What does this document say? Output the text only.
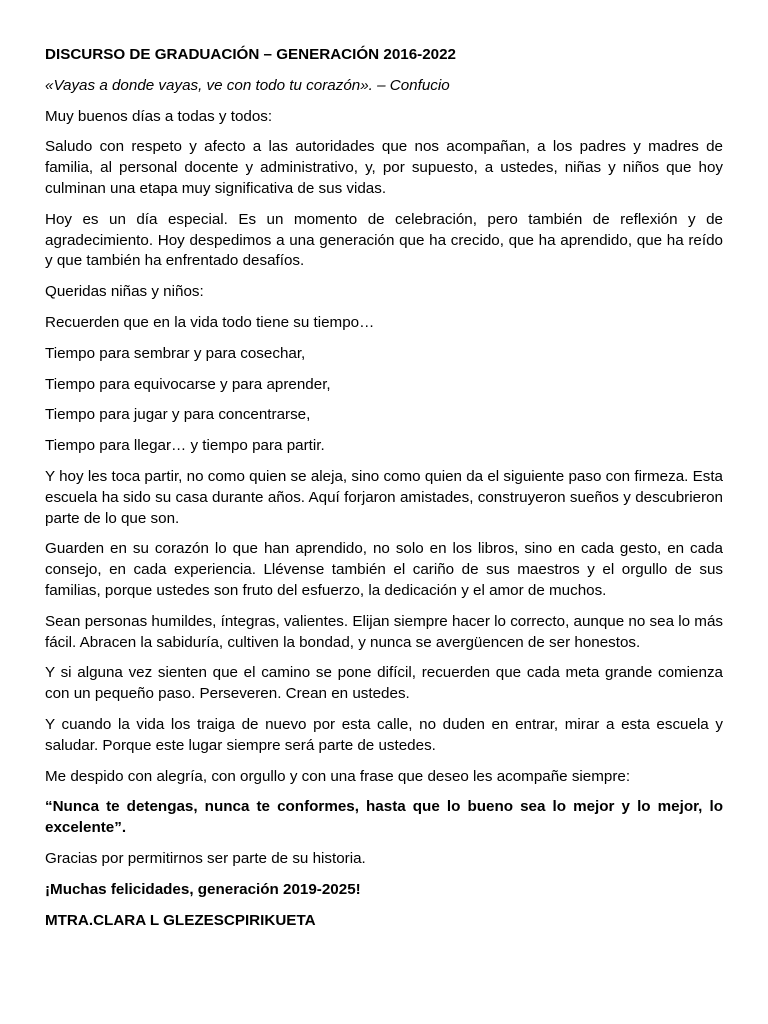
DISCURSO DE GRADUACIÓN – GENERACIÓN 2016-2022

«Vayas a donde vayas, ve con todo tu corazón». – Confucio

Muy buenos días a todas y todos:

Saludo con respeto y afecto a las autoridades que nos acompañan, a los padres y madres de familia, al personal docente y administrativo, y, por supuesto, a ustedes, niñas y niños que hoy culminan una etapa muy significativa de sus vidas.

Hoy es un día especial. Es un momento de celebración, pero también de reflexión y de agradecimiento. Hoy despedimos a una generación que ha crecido, que ha aprendido, que ha reído y que también ha enfrentado desafíos.

Queridas niñas y niños:

Recuerden que en la vida todo tiene su tiempo…

Tiempo para sembrar y para cosechar,

Tiempo para equivocarse y para aprender,

Tiempo para jugar y para concentrarse,

Tiempo para llegar… y tiempo para partir.

Y hoy les toca partir, no como quien se aleja, sino como quien da el siguiente paso con firmeza. Esta escuela ha sido su casa durante años. Aquí forjaron amistades, construyeron sueños y descubrieron parte de lo que son.

Guarden en su corazón lo que han aprendido, no solo en los libros, sino en cada gesto, en cada consejo, en cada experiencia. Llévense también el cariño de sus maestros y el orgullo de sus familias, porque ustedes son fruto del esfuerzo, la dedicación y el amor de muchos.

Sean personas humildes, íntegras, valientes. Elijan siempre hacer lo correcto, aunque no sea lo más fácil. Abracen la sabiduría, cultiven la bondad, y nunca se avergüencen de ser honestos.

Y si alguna vez sienten que el camino se pone difícil, recuerden que cada meta grande comienza con un pequeño paso. Perseveren. Crean en ustedes.

Y cuando la vida los traiga de nuevo por esta calle, no duden en entrar, mirar a esta escuela y saludar. Porque este lugar siempre será parte de ustedes.

Me despido con alegría, con orgullo y con una frase que deseo les acompañe siempre:

“Nunca te detengas, nunca te conformes, hasta que lo bueno sea lo mejor y lo mejor, lo excelente”.

Gracias por permitirnos ser parte de su historia.

¡Muchas felicidades, generación 2019-2025!

MTRA.CLARA L GLEZESCPIRIKUETA
